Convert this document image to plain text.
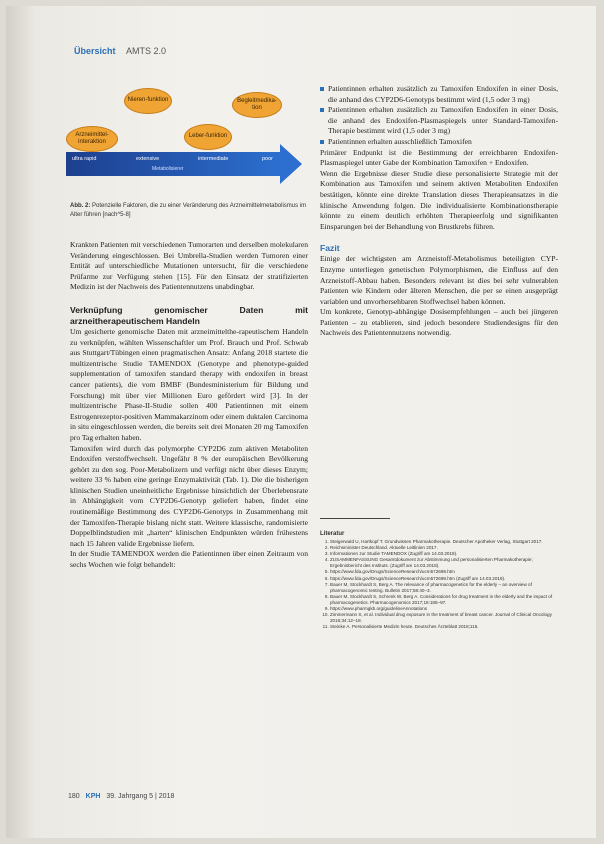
Übersicht AMTS 2.0
Nieren-funktion	Begleitmedika-tion
Arzneimittel-interaktion
Leber-funktion
ultra rapid	extensive	intermediate	poor
Metabolisierer
Abb. 2: Potenzielle Faktoren, die zu einer Veränderung des Arzneimittelmetabolismus im Alter führen [nach^5-8]

Krankten Patienten mit verschiedenen Tumorarten und derselben molekularen Veränderung eingeschlossen. Bei Umbrella-Studien werden Tumoren einer Entität auf unterschiedliche Mutationen untersucht, für die verschiedene Prüfarme zur Verfügung stehen [15]. Für den Einsatz der stratifizierten Medizin ist der Nachweis des Patientennutzens unabdingbar.

Verknüpfung genomischer Daten mit arzneitherapeutischem Handeln

Um gesicherte genomische Daten mit arzneimittelthe-rapeutischem Handeln zu verknüpfen, wählten Wissenschaftler um Prof. Brauch und Prof. Schwab aus Stuttgart/Tübingen einen pragmatischen Ansatz: Anfang 2018 startete die multizentrische Studie TAMENDOX (Genotype and phenotype-guided supplementation of tamoxifen standard therapy with endoxifen in breast cancer patients), die vom BMBF (Bundesministerium für Bildung und Forschung) mit über vier Millionen Euro gefördert wird [3]. In der multizentrische Phase-II-Studie sollen 400 Patientinnen mit einem Estrogenrezeptor-positiven Mammakarzinom oder einem duktalen Carcinoma in situ eingeschlossen werden, die bereits seit drei Monaten 20 mg Tamoxifen pro Tag erhalten haben.

Tamoxifen wird durch das polymorphe CYP2D6 zum aktiven Metaboliten Endoxifen verstoffwechselt. Ungefähr 8 % der europäischen Bevölkerung gehört zu den sog. Poor-Metabolizern und verfügt nicht über dieses Enzym; weitere 33 % haben eine geringe Enzymaktivität (Tab. 1). Die die bisherigen klinischen Studien uneinheitliche Ergebnisse hinsichtlich der Überlebensrate in Abhängigkeit vom CYP2D6-Genotyp geliefert haben, findet eine routinemäßige Bestimmung des CYP2D6-Genotyps in Zusammenhang mit der Tamoxifen-Therapie bislang nicht statt. Weitere klassische, randomisierte Doppelblindstudien mit „harten“ klinischen Endpunkten würden frühestens nach 15 Jahren valide Ergebnisse liefern.

In der Studie TAMENDOX werden die Patientinnen über einen Zeitraum von sechs Wochen wie folgt behandelt:

Patientinnen erhalten zusätzlich zu Tamoxifen Endoxifen in einer Dosis, die anhand des CYP2D6-Genotyps bestimmt wird (1,5 oder 3 mg)
Patientinnen erhalten zusätzlich zu Tamoxifen Endoxifen in einer Dosis, die anhand des Endoxifen-Plasmaspiegels unter Standard-Tamoxifen-Therapie bestimmt wird (1,5 oder 3 mg)
Patientinnen erhalten ausschließlich Tamoxifen

Primärer Endpunkt ist die Bestimmung der erreichbaren Endoxifen-Plasmaspiegel unter Gabe der Kombination Tamoxifen + Endoxifen.

Wenn die Ergebnisse dieser Studie diese personalisierte Strategie mit der Kombination aus Tamoxifen und seinem aktiven Metaboliten Endoxifen bestätigen, könnte eine direkte Translation dieses Therapieansatzes in die klinische Anwendung folgen. Die individualisierte Kombinationstherapie könnte zu einem deutlich erhöhten Therapieerfolg und signifikanten Einsparungen bei der Behandlung von Brustkrebs führen.

Fazit

Einige der wichtigsten am Arzneistoff-Metabolismus beteiligten CYP-Enzyme unterliegen genetischen Polymorphismen, die Einfluss auf den Arzneistoff-Abbau haben. Besonders relevant ist dies bei sehr vulnerablen Patienten wie Kindern oder älteren Menschen, die per se einen ausgeprägt variablen und unvorhersehbaren Stoffwechsel haben können.

Um konkrete, Genotyp-abhängige Dosisempfehlungen – auch bei jüngeren Patienten – zu etablieren, sind jedoch besondere Studiendesigns für den Nachweis des Patientennutzens notwendig.

Literatur
1. Steigerwald U, Hartkopf T. Grundwissen Pharmakotherapie. Deutscher Apotheker Verlag, Stuttgart 2017.
2. Reichsminister Deutschland. Aktuelle Leitlinien 2017.
3. Informationen zur Studie TAMENDOX (Zugriff am 14.03.2018).
4. ZUSAMMENFASSUNG Gesamtdokument zur Abstimmung und personalisierten Pharmakotherapie; Ergebnisbericht des Instituts. (Zugriff am 14.03.2018).
5. https://www.fda.gov/Drugs/ScienceResearch/ucm572698.htm
6. https://www.fda.gov/Drugs/ScienceResearch/ucm572698.htm (Zugriff am 14.03.2018).
7. Bauer M, Stockhardt S, Berg A. The relevance of pharmacogenetics for the elderly – an overview of pharmacogenomic testing. Bulletin 2017;58:40–3.
8. Bauer M, Stockhardt S, Schrenk W, Berg A. Considerations for drug treatment in the elderly and the impact of pharmacogenetics. Pharmacogenomics 2017;18:185–97.
9. https://www.pharmgkb.org/guidelineAnnotations
10. Zimmermann S, et al. Individual drug exposure in the treatment of breast cancer. Journal of Clinical Oncology 2016;34:12–18.
11. Steinke A. Personalisierte Medizin heute. Deutsches Ärzteblatt 2018;115.
180 KPH 39. Jahrgang 5 | 2018
